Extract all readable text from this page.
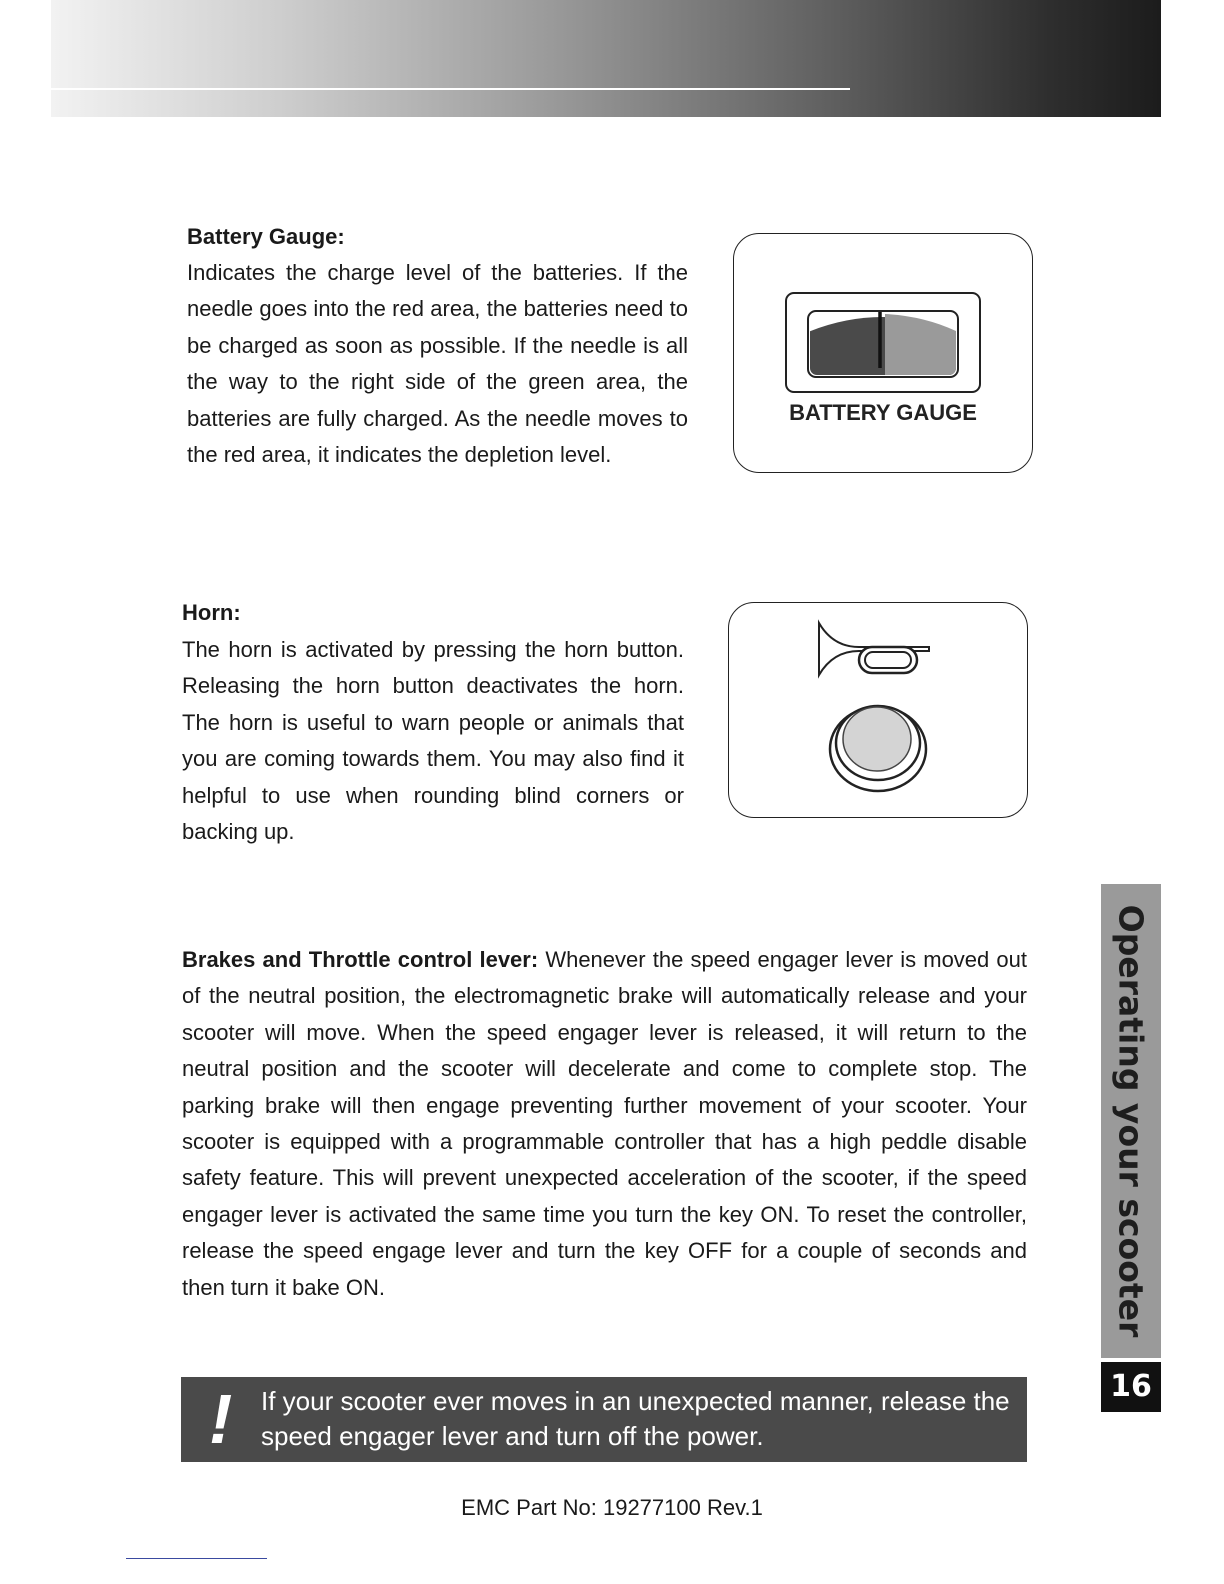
Battery Gauge:

Indicates the charge level of the batteries. If the needle goes into the red area, the batteries need to be charged as soon as possible. If the needle is all the way to the right side of the green area, the batteries are fully charged. As the needle moves to the red area, it indicates the depletion level.

BATTERY GAUGE
Horn:

The horn is activated by pressing the horn button. Releasing the horn button deactivates the horn. The horn is useful to warn people or animals that you are coming towards them. You may also find it helpful to use when rounding blind corners or backing up.

Brakes and Throttle control lever: Whenever the speed engager lever is moved out of the neutral position, the electromagnetic brake will automatically release and your scooter will move. When the speed engager lever is released, it will return to the neutral position and the scooter will decelerate and come to complete stop. The parking brake will then engage preventing further movement of your scooter. Your scooter is equipped with a programmable controller that has a high peddle disable safety feature. This will prevent unexpected acceleration of the scooter, if the speed engager lever is activated the same time you turn the key ON. To reset the controller, release the speed engage lever and turn the key OFF for a couple of seconds and then turn it bake ON.	Operating your scooter
16
! If your scooter ever moves in an unexpected manner, release the speed engager lever and turn off the power.

EMC Part No: 19277100 Rev.1
